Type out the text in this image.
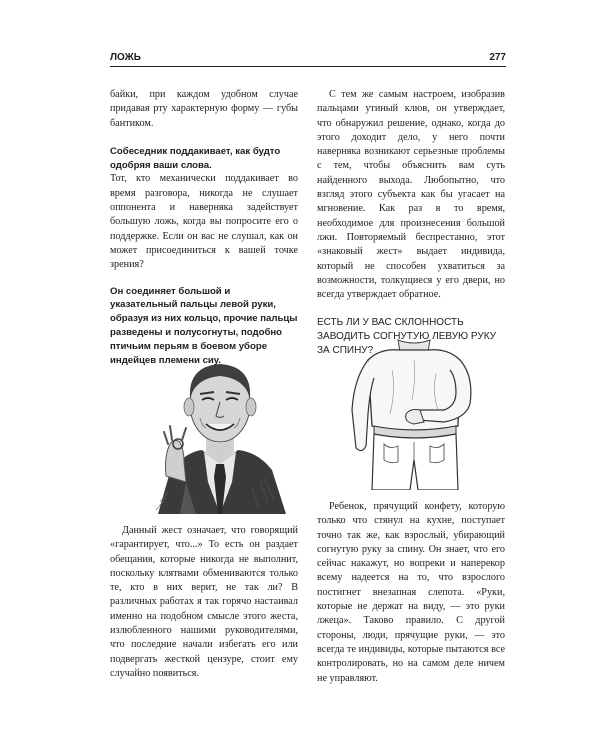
ЛОЖЬ	277

байки, при каждом удобном случае придавая рту характерную форму — губы бантиком.

Собеседник поддакивает, как будто одобряя ваши слова.

Тот, кто механически поддакивает во время разговора, никогда не слушает оппонента и наверняка задействует большую ложь, когда вы попросите его о поддержке. Если он вас не слушал, как он может присоединиться к вашей точке зрения?

Он соединяет большой и указательный пальцы левой руки, образуя из них кольцо, прочие пальцы разведены и полусогнуты, подобно птичьим перьям в боевом уборе индейцев племени сиу.

Данный жест означает, что говорящий «гарантирует, что...» То есть он раздает обещания, которые никогда не выполнит, поскольку клятвами обмениваются только те, кто в них верит, не так ли? В различных работах я так горячо настаивал именно на подобном смысле этого жеста, излюбленного нашими руководителями, что последние начали избегать его или подвергать жесткой цензуре, стоит ему случайно появиться.

С тем же самым настроем, изобразив пальцами утиный клюв, он утверждает, что обнаружил решение, однако, когда до этого доходит дело, у него почти наверняка возникают серьезные проблемы с тем, чтобы объяснить вам суть найденного выхода. Любопытно, что взгляд этого субъекта как бы угасает на мгновение. Как раз в то время, необходимое для произнесения большой лжи. Повторяемый беспрестанно, этот «знаковый жест» выдает индивида, который не способен ухватиться за возможности, толкущиеся у его двери, но всегда утверждает обратное.

ЕСТЬ ЛИ У ВАС СКЛОННОСТЬ ЗАВОДИТЬ СОГНУТУЮ ЛЕВУЮ РУКУ ЗА СПИНУ?

Ребенок, прячущий конфету, которую только что стянул на кухне, поступает точно так же, как взрослый, убирающий согнутую руку за спину. Он знает, что его сейчас накажут, но вопреки и наперекор всему надеется на то, что взрослого постигнет внезапная слепота. «Руки, которые не держат на виду, — это руки лжеца». Таково правило. С другой стороны, люди, прячущие руки, — это всегда те индивиды, которые пытаются все контролировать, но на самом деле ничем не управляют.
